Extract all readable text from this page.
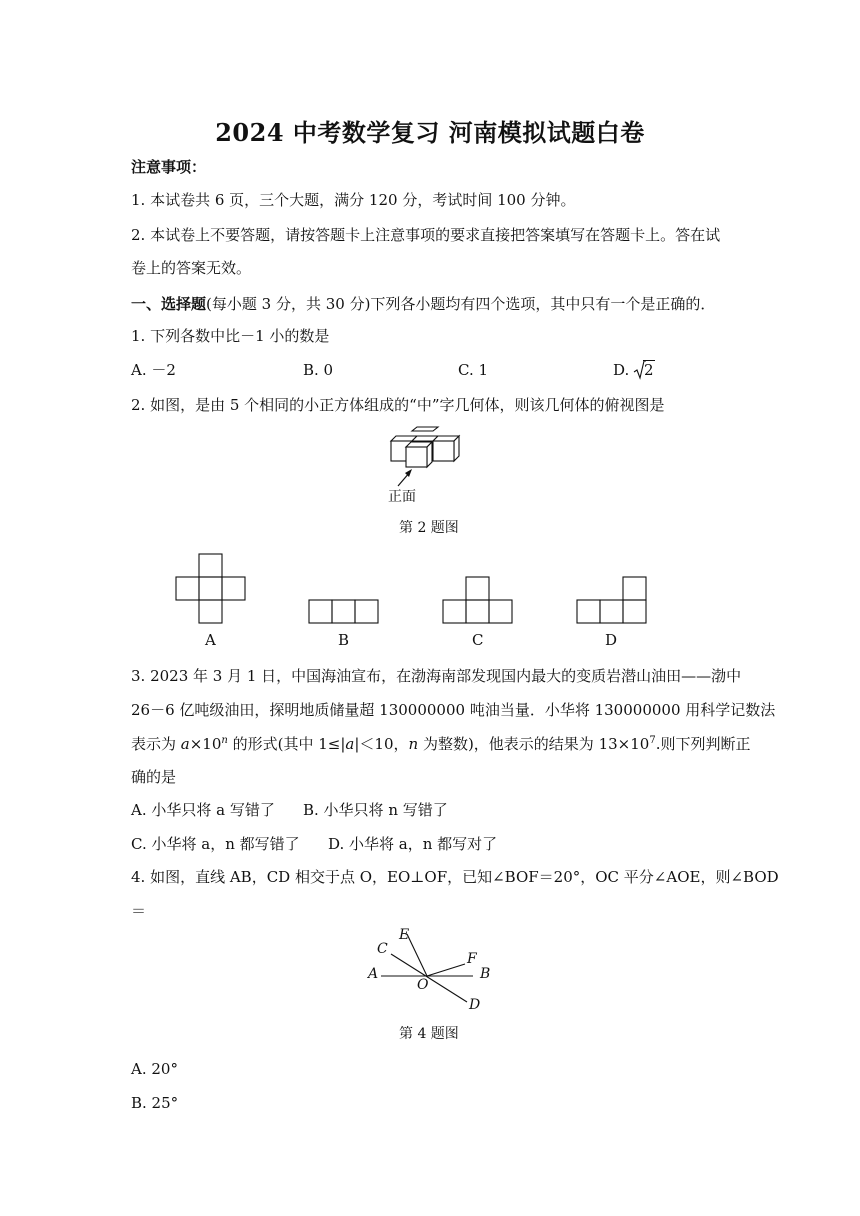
2024 中考数学复习 河南模拟试题白卷
注意事项：
1. 本试卷共 6 页，三个大题，满分 120 分，考试时间 100 分钟。
2. 本试卷上不要答题，请按答题卡上注意事项的要求直接把答案填写在答题卡上。答在试
卷上的答案无效。
一、选择题(每小题 3 分，共 30 分)下列各小题均有四个选项，其中只有一个是正确的．
1. 下列各数中比－1 小的数是
A. －2	B. 0	C. 1	D. 2
2. 如图，是由 5 个相同的小正方体组成的“中”字几何体，则该几何体的俯视图是
正面
第 2 题图
A	B	C	D
3. 2023 年 3 月 1 日，中国海油宣布，在渤海南部发现国内最大的变质岩潜山油田——渤中
26－6 亿吨级油田，探明地质储量超 130000000 吨油当量．小华将 130000000 用科学记数法
表示为 $a\times 10^n$ 的形式(其中 1≤|a|＜10，n 为整数)，他表示的结果为 $13\times 10^7$.则下列判断正
确的是
A. 小华只将 a 写错了 B. 小华只将 n 写错了
C. 小华将 a，n 都写错了 D. 小华将 a，n 都写对了
4. 如图，直线 AB，CD 相交于点 O，EO⊥OF，已知∠BOF＝20°，OC 平分∠AOE，则∠BOD
＝
A	B
C
D
E
F
O
第 4 题图
A. 20°
B. 25°
